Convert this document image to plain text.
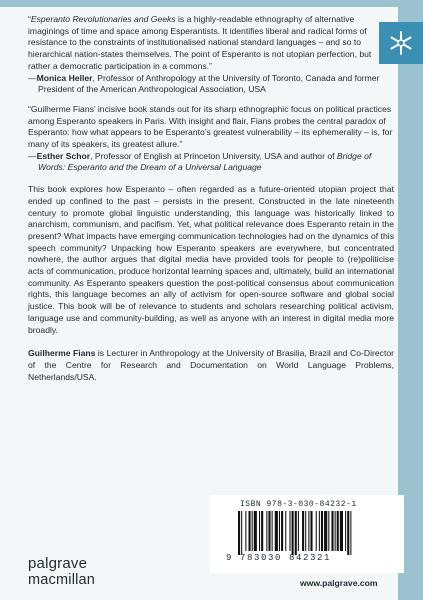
“Esperanto Revolutionaries and Geeks is a highly-readable ethnography of alternative imaginings of time and space among Esperantists. It identifies liberal and radical forms of resistance to the constraints of institutionalised national standard languages – and so to hierarchical nation-states themselves. The point of Esperanto is not utopian perfection, but rather a democratic participation in a commons.”

—Monica Heller, Professor of Anthropology at the University of Toronto, Canada and former President of the American Anthropological Association, USA

“Guilherme Fians’ incisive book stands out for its sharp ethnographic focus on political practices among Esperanto speakers in Paris. With insight and flair, Fians probes the central paradox of Esperanto: how what appears to be Esperanto’s greatest vulnerability – its ephemerality – is, for many of its speakers, its greatest allure.”

—Esther Schor, Professor of English at Princeton University, USA and author of Bridge of Words: Esperanto and the Dream of a Universal Language

This book explores how Esperanto – often regarded as a future-oriented utopian project that ended up confined to the past – persists in the present. Constructed in the late nineteenth century to promote global linguistic understanding, this language was historically linked to anarchism, communism, and pacifism. Yet, what political relevance does Esperanto retain in the present? What impacts have emerging communication technologies had on the dynamics of this speech community? Unpacking how Esperanto speakers are everywhere, but concentrated nowhere, the author argues that digital media have provided tools for people to (re)politicise acts of communication, produce horizontal learning spaces and, ultimately, build an international community. As Esperanto speakers question the post-political consensus about communication rights, this language becomes an ally of activism for open-source software and global social justice. This book will be of relevance to students and scholars researching political activism, language use and community-building, as well as anyone with an interest in digital media more broadly.

Guilherme Fians is Lecturer in Anthropology at the University of Brasilia, Brazil and Co-Director of the Centre for Research and Documentation on World Language Problems, Netherlands/USA.

ISBN 978-3-030-84232-1
9 783030 842321
palgrave
macmillan	www.palgrave.com
